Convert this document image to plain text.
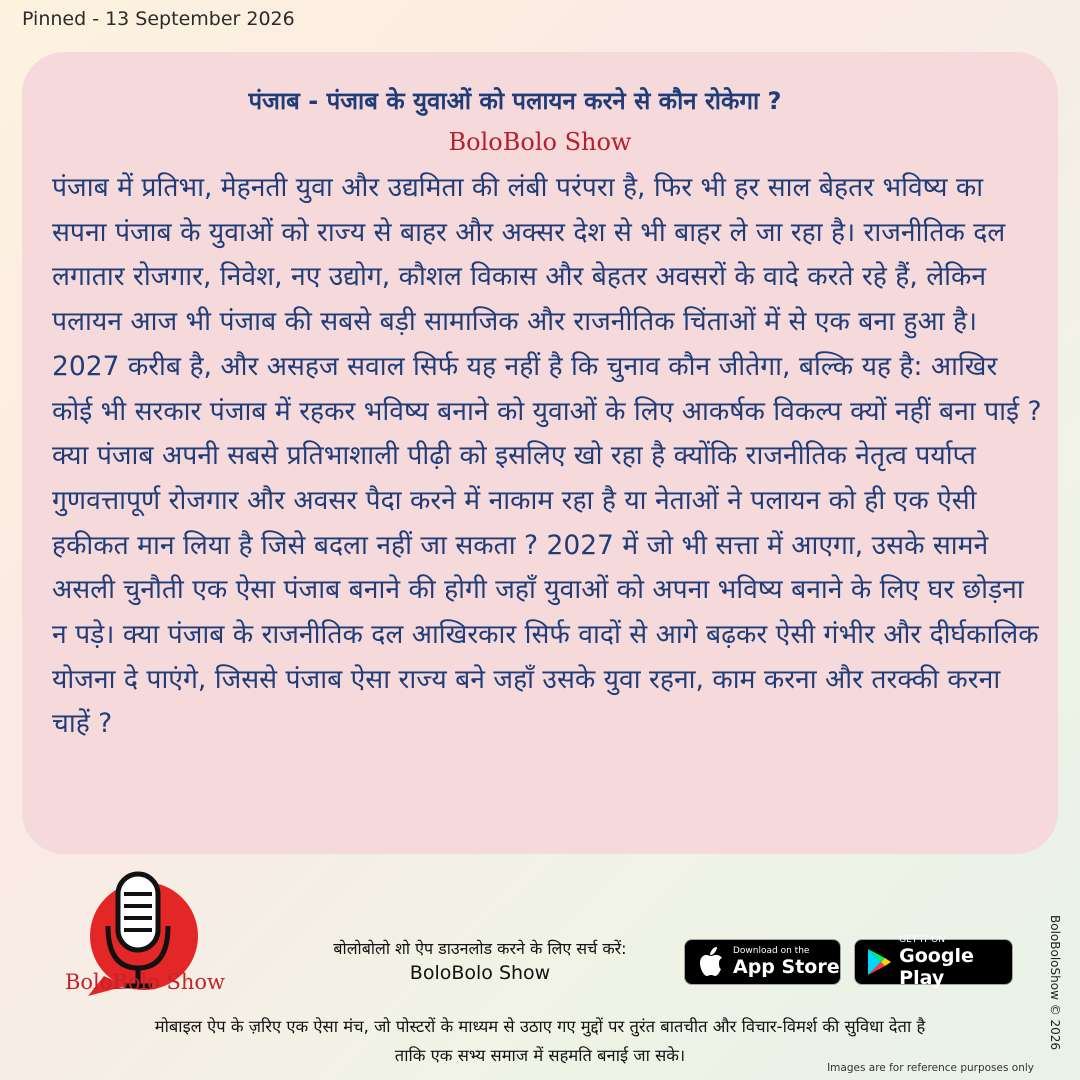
Pinned - 13 September 2026
पंजाब - पंजाब के युवाओं को पलायन करने से कौन रोकेगा ?
BoloBolo Show

पंजाब में प्रतिभा, मेहनती युवा और उद्यमिता की लंबी परंपरा है, फिर भी हर साल बेहतर भविष्य का सपना पंजाब के युवाओं को राज्य से बाहर और अक्सर देश से भी बाहर ले जा रहा है। राजनीतिक दल लगातार रोजगार, निवेश, नए उद्योग, कौशल विकास और बेहतर अवसरों के वादे करते रहे हैं, लेकिन पलायन आज भी पंजाब की सबसे बड़ी सामाजिक और राजनीतिक चिंताओं में से एक बना हुआ है।

2027 करीब है, और असहज सवाल सिर्फ यह नहीं है कि चुनाव कौन जीतेगा, बल्कि यह है: आखिर कोई भी सरकार पंजाब में रहकर भविष्य बनाने को युवाओं के लिए आकर्षक विकल्प क्यों नहीं बना पाई ? क्या पंजाब अपनी सबसे प्रतिभाशाली पीढ़ी को इसलिए खो रहा है क्योंकि राजनीतिक नेतृत्व पर्याप्त गुणवत्तापूर्ण रोजगार और अवसर पैदा करने में नाकाम रहा है या नेताओं ने पलायन को ही एक ऐसी हकीकत मान लिया है जिसे बदला नहीं जा सकता ? 2027 में जो भी सत्ता में आएगा, उसके सामने असली चुनौती एक ऐसा पंजाब बनाने की होगी जहाँ युवाओं को अपना भविष्य बनाने के लिए घर छोड़ना न पड़े। क्या पंजाब के राजनीतिक दल आखिरकार सिर्फ वादों से आगे बढ़कर ऐसी गंभीर और दीर्घकालिक योजना दे पाएंगे, जिससे पंजाब ऐसा राज्य बने जहाँ उसके युवा रहना, काम करना और तरक्की करना चाहें ?

BoloBolo Show
बोलोबोलो शो ऐप डाउनलोड करने के लिए सर्च करें:
BoloBolo Show
Download on the
App Store
GET IT ON
Google Play
मोबाइल ऐप के ज़रिए एक ऐसा मंच, जो पोस्टरों के माध्यम से उठाए गए मुद्दों पर तुरंत बातचीत और विचार-विमर्श की सुविधा देता है
ताकि एक सभ्य समाज में सहमति बनाई जा सके।
BoloBoloShow © 2026
Images are for reference purposes only
